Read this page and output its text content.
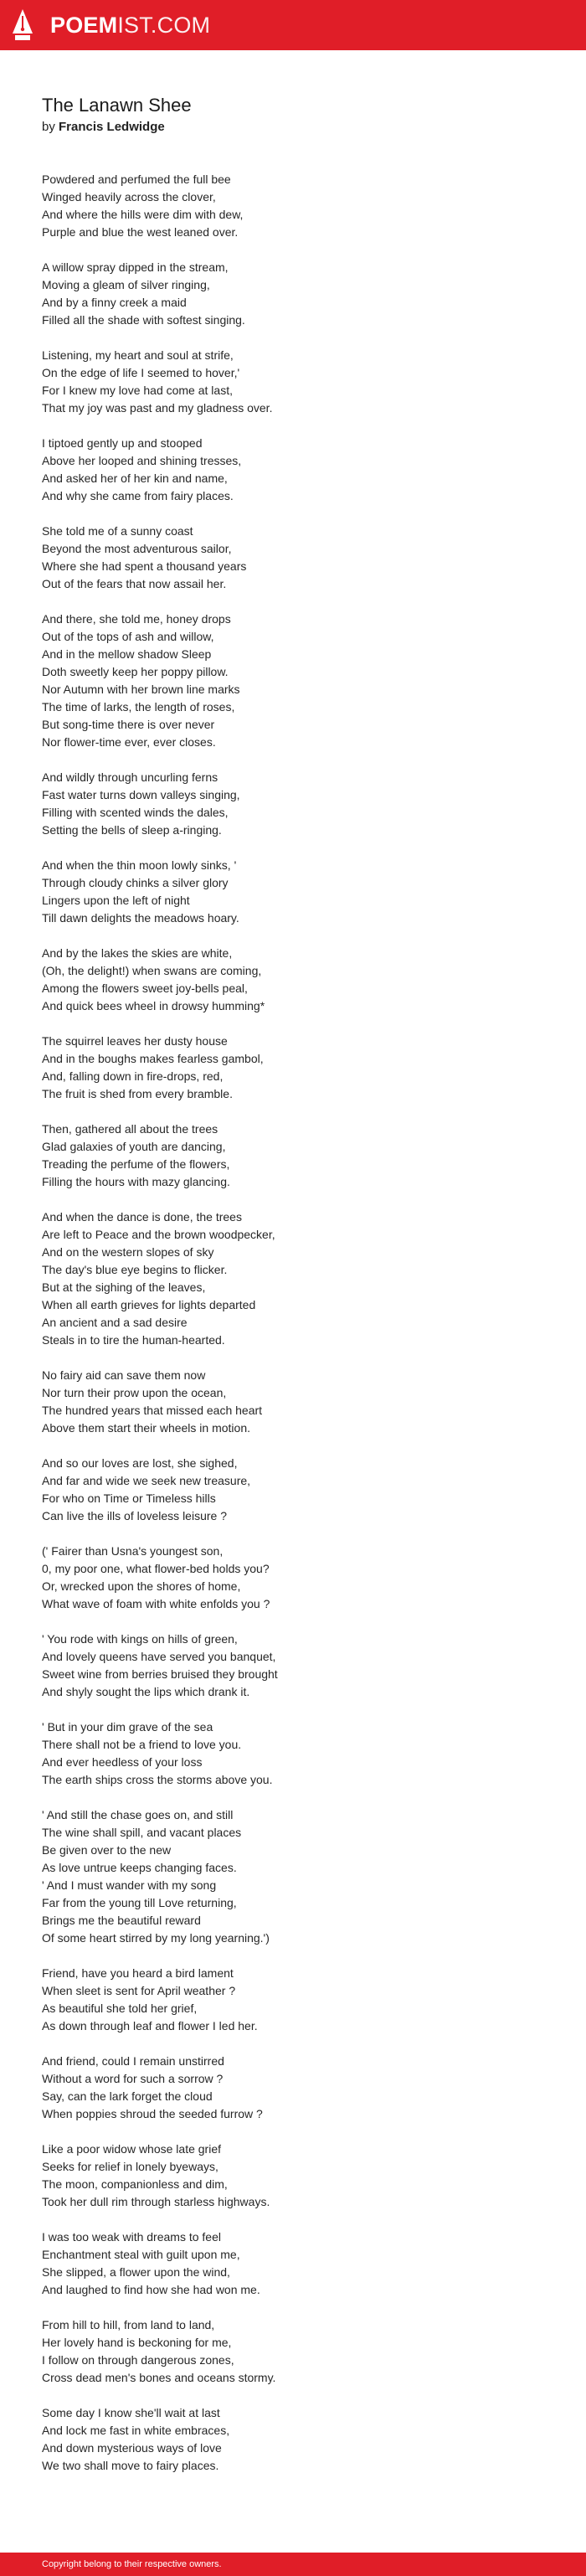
POEMIST.COM
The Lanawn Shee
by Francis Ledwidge
Powdered and perfumed the full bee
Winged heavily across the clover,
And where the hills were dim with dew,
Purple and blue the west leaned over.
A willow spray dipped in the stream,
Moving a gleam of silver ringing,
And by a finny creek a maid
Filled all the shade with softest singing.
Listening, my heart and soul at strife,
On the edge of life I seemed to hover,'
For I knew my love had come at last,
That my joy was past and my gladness over.
I tiptoed gently up and stooped
Above her looped and shining tresses,
And asked her of her kin and name,
And why she came from fairy places.
She told me of a sunny coast
Beyond the most adventurous sailor,
Where she had spent a thousand years
Out of the fears that now assail her.
And there, she told me, honey drops
Out of the tops of ash and willow,
And in the mellow shadow Sleep
Doth sweetly keep her poppy pillow.
Nor Autumn with her brown line marks
The time of larks, the length of roses,
But song-time there is over never
Nor flower-time ever, ever closes.
And wildly through uncurling ferns
Fast water turns down valleys singing,
Filling with scented winds the dales,
Setting the bells of sleep a-ringing.
And when the thin moon lowly sinks, '
Through cloudy chinks a silver glory
Lingers upon the left of night
Till dawn delights the meadows hoary.
And by the lakes the skies are white,
(Oh, the delight!) when swans are coming,
Among the flowers sweet joy-bells peal,
And quick bees wheel in drowsy humming*
The squirrel leaves her dusty house
And in the boughs makes fearless gambol,
And, falling down in fire-drops, red,
The fruit is shed from every bramble.
Then, gathered all about the trees
Glad galaxies of youth are dancing,
Treading the perfume of the flowers,
Filling the hours with mazy glancing.
And when the dance is done, the trees
Are left to Peace and the brown woodpecker,
And on the western slopes of sky
The day's blue eye begins to flicker.
But at the sighing of the leaves,
When all earth grieves for lights departed
An ancient and a sad desire
Steals in to tire the human-hearted.
No fairy aid can save them now
Nor turn their prow upon the ocean,
The hundred years that missed each heart
Above them start their wheels in motion.
And so our loves are lost, she sighed,
And far and wide we seek new treasure,
For who on Time or Timeless hills
Can live the ills of loveless leisure ?
(' Fairer than Usna's youngest son,
0, my poor one, what flower-bed holds you?
Or, wrecked upon the shores of home,
What wave of foam with white enfolds you ?
' You rode with kings on hills of green,
And lovely queens have served you banquet,
Sweet wine from berries bruised they brought
And shyly sought the lips which drank it.
' But in your dim grave of the sea
There shall not be a friend to love you.
And ever heedless of your loss
The earth ships cross the storms above you.
' And still the chase goes on, and still
The wine shall spill, and vacant places
Be given over to the new
As love untrue keeps changing faces.
' And I must wander with my song
Far from the young till Love returning,
Brings me the beautiful reward
Of some heart stirred by my long yearning.')
Friend, have you heard a bird lament
When sleet is sent for April weather ?
As beautiful she told her grief,
As down through leaf and flower I led her.
And friend, could I remain unstirred
Without a word for such a sorrow ?
Say, can the lark forget the cloud
When poppies shroud the seeded furrow ?
Like a poor widow whose late grief
Seeks for relief in lonely byeways,
The moon, companionless and dim,
Took her dull rim through starless highways.
I was too weak with dreams to feel
Enchantment steal with guilt upon me,
She slipped, a flower upon the wind,
And laughed to find how she had won me.
From hill to hill, from land to land,
Her lovely hand is beckoning for me,
I follow on through dangerous zones,
Cross dead men's bones and oceans stormy.
Some day I know she'll wait at last
And lock me fast in white embraces,
And down mysterious ways of love
We two shall move to fairy places.
Copyright belong to their respective owners.
